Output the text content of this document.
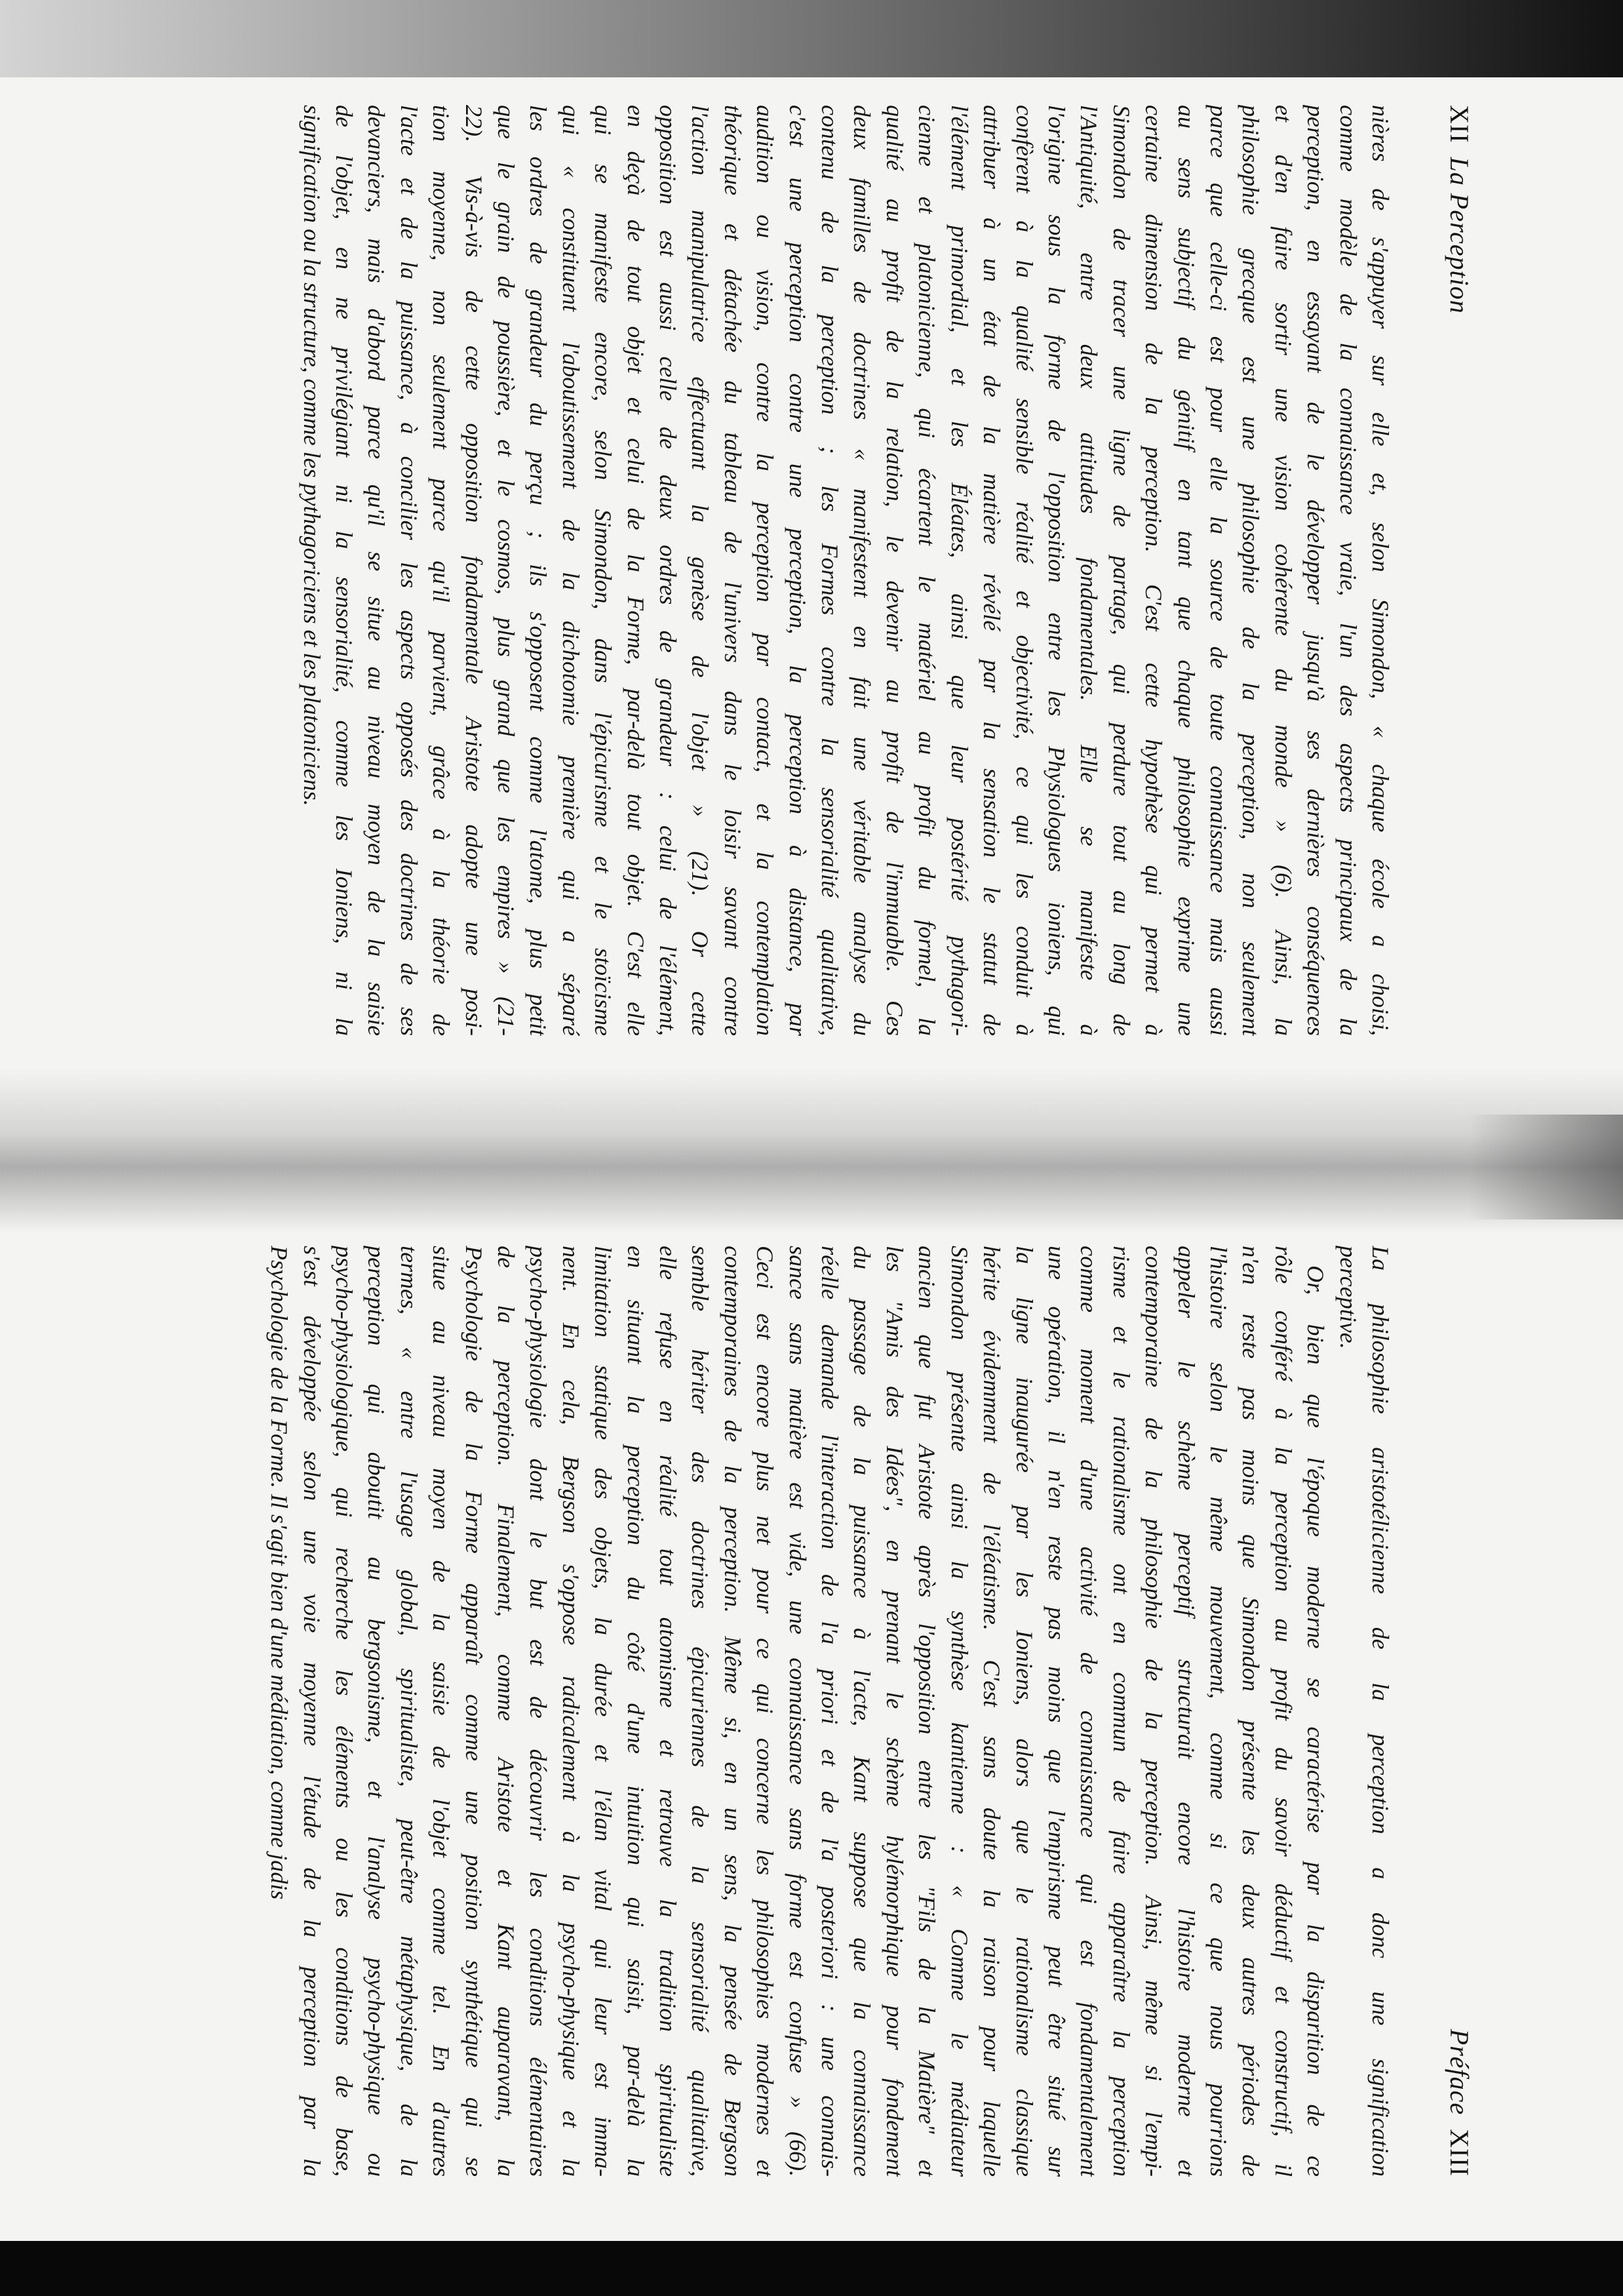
XII La Perception
nières de s'appuyer sur elle et, selon Simondon, « chaque école a choisi,
comme modèle de la connaissance vraie, l'un des aspects principaux de la
perception, en essayant de le développer jusqu'à ses dernières conséquences
et d'en faire sortir une vision cohérente du monde » (6). Ainsi, la
philosophie grecque est une philosophie de la perception, non seulement
parce que celle-ci est pour elle la source de toute connaissance mais aussi
au sens subjectif du génitif en tant que chaque philosophie exprime une
certaine dimension de la perception. C'est cette hypothèse qui permet à
Simondon de tracer une ligne de partage, qui perdure tout au long de
l'Antiquité, entre deux attitudes fondamentales. Elle se manifeste à
l'origine sous la forme de l'opposition entre les Physiologues ioniens, qui
confèrent à la qualité sensible réalité et objectivité, ce qui les conduit à
attribuer à un état de la matière révélé par la sensation le statut de
l'élément primordial, et les Éléates, ainsi que leur postérité pythagori-
cienne et platonicienne, qui écartent le matériel au profit du formel, la
qualité au profit de la relation, le devenir au profit de l'immuable. Ces
deux familles de doctrines « manifestent en fait une véritable analyse du
contenu de la perception ; les Formes contre la sensorialité qualitative,
c'est une perception contre une perception, la perception à distance, par
audition ou vision, contre la perception par contact, et la contemplation
théorique et détachée du tableau de l'univers dans le loisir savant contre
l'action manipulatrice effectuant la genèse de l'objet » (21). Or cette
opposition est aussi celle de deux ordres de grandeur : celui de l'élément,
en deçà de tout objet et celui de la Forme, par-delà tout objet. C'est elle
qui se manifeste encore, selon Simondon, dans l'épicurisme et le stoïcisme
qui « constituent l'aboutissement de la dichotomie première qui a séparé
les ordres de grandeur du perçu ; ils s'opposent comme l'atome, plus petit
que le grain de poussière, et le cosmos, plus grand que les empires » (21-
22). Vis-à-vis de cette opposition fondamentale Aristote adopte une posi-
tion moyenne, non seulement parce qu'il parvient, grâce à la théorie de
l'acte et de la puissance, à concilier les aspects opposés des doctrines de ses
devanciers, mais d'abord parce qu'il se situe au niveau moyen de la saisie
de l'objet, en ne privilégiant ni la sensorialité, comme les Ioniens, ni la
signification ou la structure, comme les pythagoriciens et les platoniciens.
Préface XIII
La philosophie aristotélicienne de la perception a donc une signification
perceptive.
Or, bien que l'époque moderne se caractérise par la disparition de ce
rôle conféré à la perception au profit du savoir déductif et constructif, il
n'en reste pas moins que Simondon présente les deux autres périodes de
l'histoire selon le même mouvement, comme si ce que nous pourrions
appeler le schème perceptif structurait encore l'histoire moderne et
contemporaine de la philosophie de la perception. Ainsi, même si l'empi-
risme et le rationalisme ont en commun de faire apparaître la perception
comme moment d'une activité de connaissance qui est fondamentalement
une opération, il n'en reste pas moins que l'empirisme peut être situé sur
la ligne inaugurée par les Ioniens, alors que le rationalisme classique
hérite évidemment de l'éléatisme. C'est sans doute la raison pour laquelle
Simondon présente ainsi la synthèse kantienne : « Comme le médiateur
ancien que fut Aristote après l'opposition entre les "Fils de la Matière" et
les "Amis des Idées", en prenant le schème hylémorphique pour fondement
du passage de la puissance à l'acte, Kant suppose que la connaissance
réelle demande l'interaction de l'a priori et de l'a posteriori : une connais-
sance sans matière est vide, une connaissance sans forme est confuse » (66).
Ceci est encore plus net pour ce qui concerne les philosophies modernes et
contemporaines de la perception. Même si, en un sens, la pensée de Bergson
semble hériter des doctrines épicuriennes de la sensorialité qualitative,
elle refuse en réalité tout atomisme et retrouve la tradition spiritualiste
en situant la perception du côté d'une intuition qui saisit, par-delà la
limitation statique des objets, la durée et l'élan vital qui leur est imma-
nent. En cela, Bergson s'oppose radicalement à la psycho-physique et la
psycho-physiologie dont le but est de découvrir les conditions élémentaires
de la perception. Finalement, comme Aristote et Kant auparavant, la
Psychologie de la Forme apparaît comme une position synthétique qui se
situe au niveau moyen de la saisie de l'objet comme tel. En d'autres
termes, « entre l'usage global, spiritualiste, peut-être métaphysique, de la
perception qui aboutit au bergsonisme, et l'analyse psycho-physique ou
psycho-physiologique, qui recherche les éléments ou les conditions de base,
s'est développée selon une voie moyenne l'étude de la perception par la
Psychologie de la Forme. Il s'agit bien d'une médiation, comme jadis
